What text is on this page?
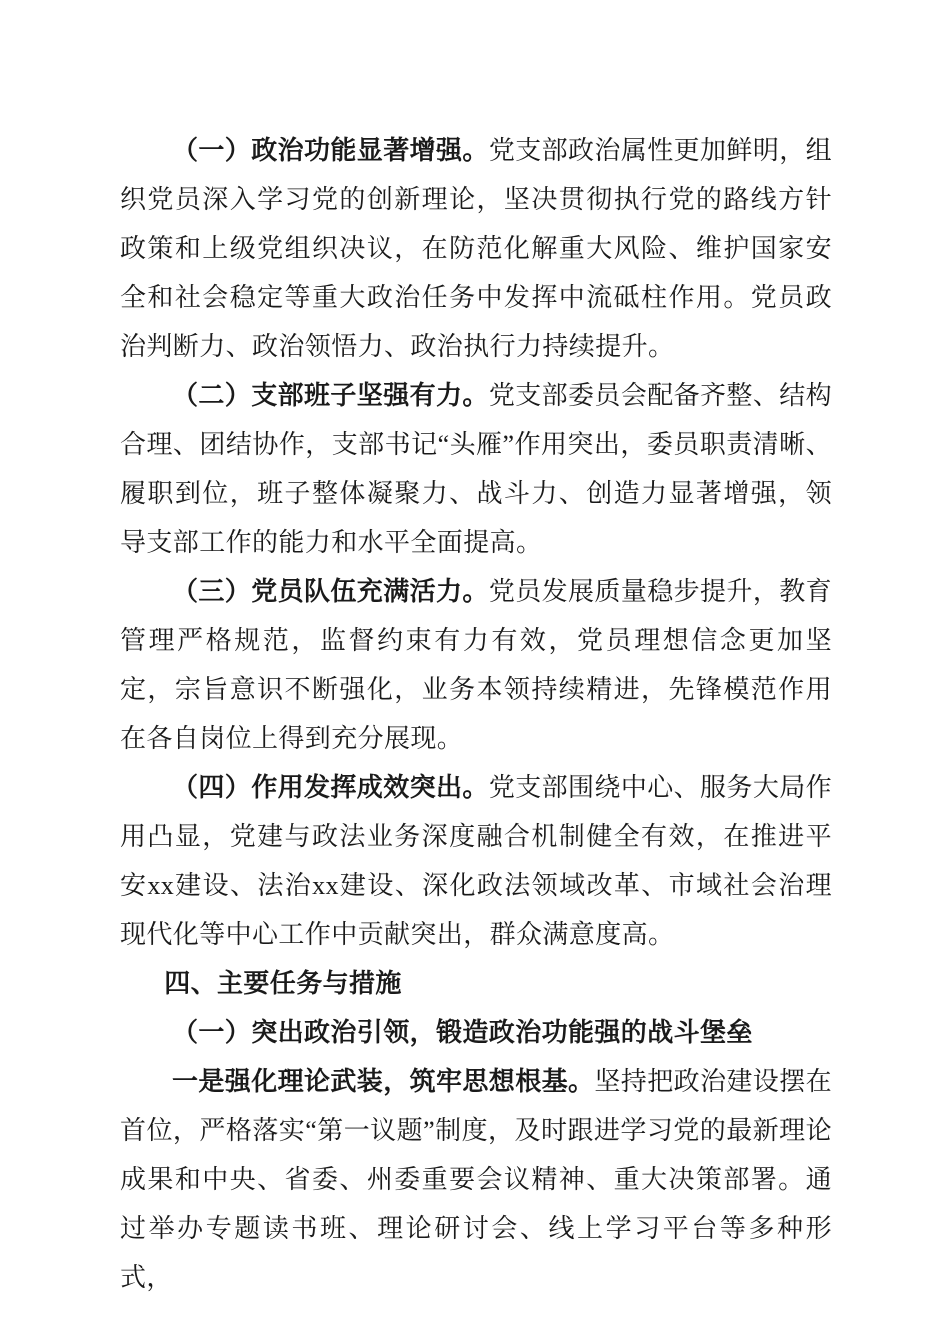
（一）政治功能显著增强。党支部政治属性更加鲜明，组织党员深入学习党的创新理论，坚决贯彻执行党的路线方针政策和上级党组织决议，在防范化解重大风险、维护国家安全和社会稳定等重大政治任务中发挥中流砥柱作用。党员政治判断力、政治领悟力、政治执行力持续提升。

（二）支部班子坚强有力。党支部委员会配备齐整、结构合理、团结协作，支部书记“头雁”作用突出，委员职责清晰、履职到位，班子整体凝聚力、战斗力、创造力显著增强，领导支部工作的能力和水平全面提高。

（三）党员队伍充满活力。党员发展质量稳步提升，教育管理严格规范，监督约束有力有效，党员理想信念更加坚定，宗旨意识不断强化，业务本领持续精进，先锋模范作用在各自岗位上得到充分展现。

（四）作用发挥成效突出。党支部围绕中心、服务大局作用凸显，党建与政法业务深度融合机制健全有效，在推进平安xx建设、法治xx建设、深化政法领域改革、市域社会治理现代化等中心工作中贡献突出，群众满意度高。

四、主要任务与措施

（一）突出政治引领，锻造政治功能强的战斗堡垒

一是强化理论武装，筑牢思想根基。坚持把政治建设摆在首位，严格落实“第一议题”制度，及时跟进学习党的最新理论成果和中央、省委、州委重要会议精神、重大决策部署。通过举办专题读书班、理论研讨会、线上学习平台等多种形式，
